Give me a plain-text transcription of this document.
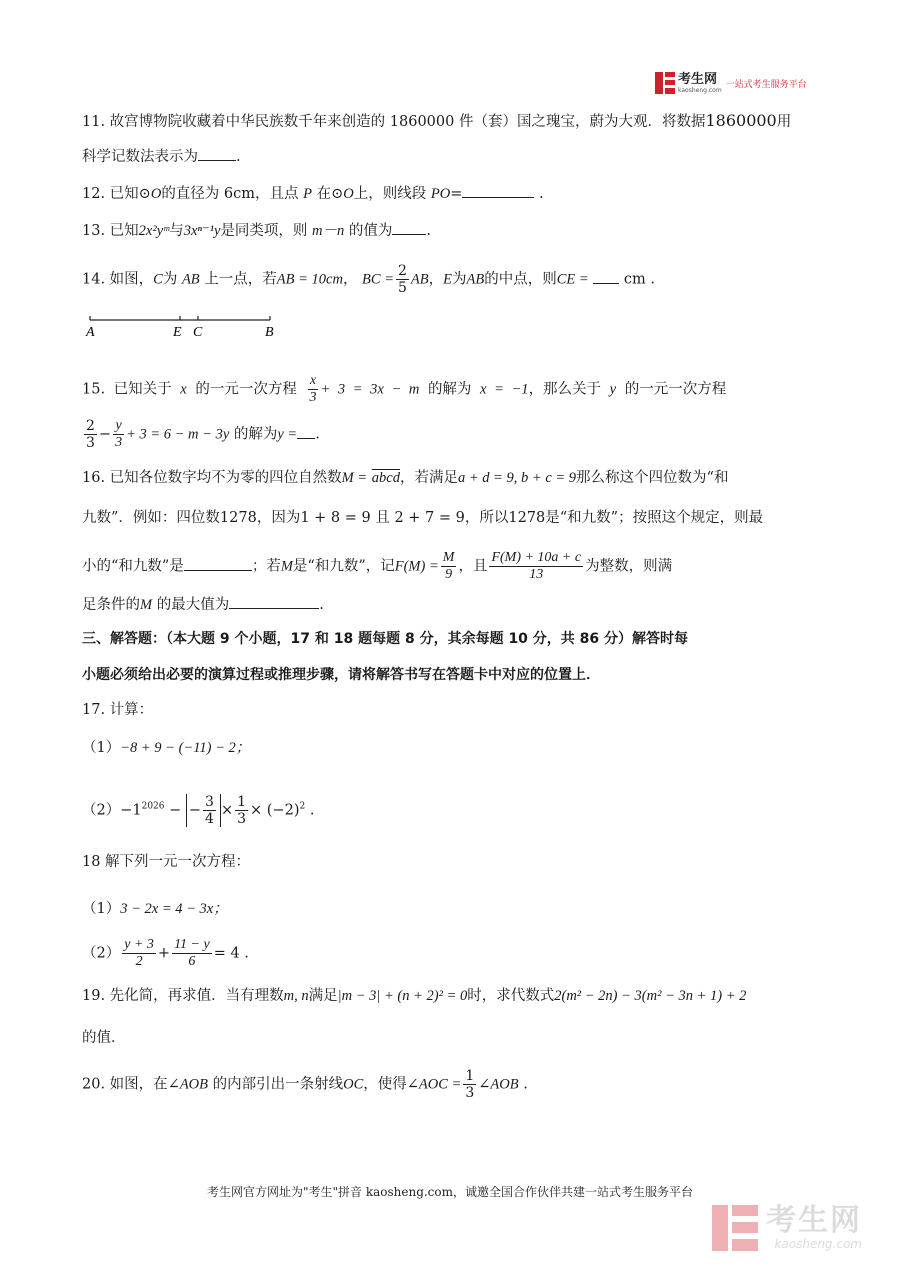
考生网
kaosheng.com
一站式考生服务平台
11. 故宫博物院收藏着中华民族数千年来创造的 1860000 件（套）国之瑰宝，蔚为大观．将数据1860000用
科学记数法表示为	.
12. 已知⊙O的直径为 6cm，且点 P 在⊙O上，则线段 PO=	.
13. 已知2x²yᵐ与3xⁿ⁻¹y是同类项，则 m－n 的值为 .
14. 如图，C为 AB 上一点，若AB = 10cm， BC = $\frac{2}{5}$ AB，E为AB的中点，则CE = cm .
A	E C	B
15. 已知关于 x 的一元一次方程 $\frac{x}{3} + 3 = 3x - m$ 的解为 x = −1，那么关于 y 的一元一次方程
$\frac{2}{3} - \frac{y}{3} + 3 = 6 - m - 3y$ 的解为y = .
16. 已知各位数字均不为零的四位自然数M = abcd，若满足a + d = 9, b + c = 9那么称这个四位数为“和
九数”．例如：四位数1278，因为1 + 8 = 9 且 2 + 7 = 9，所以1278是“和九数”；按照这个规定，则最
小的“和九数”是	；若M是“和九数”，记$F(M) = \frac{M}{9}$ ，且 $\frac{F(M) + 10a + c}{13}$ 为整数，则满
足条件的M 的最大值为	.
三、解答题：（本大题 9 个小题，17 和 18 题每题 8 分，其余每题 10 分，共 86 分）解答时每
小题必须给出必要的演算过程或推理步骤，请将解答书写在答题卡中对应的位置上．
17. 计算：
（1）−8 + 9 − (−11) − 2；
$(2)-1^{2026}$ − − $\frac{3}{4} \times \frac{1}{3} \times (-2)^2$ .
18 解下列一元一次方程：
（1）3 − 2x = 4 − 3x；
$(2) \frac{y + 3}{2} + \frac{11 - y}{6} = 4$ .
19. 先化简，再求值．当有理数m, n满足|m − 3| + (n + 2)² = 0时，求代数式2(m² − 2n) − 3(m² − 3n + 1) + 2
的值．
20. 如图，在∠AOB 的内部引出一条射线OC，使得∠AOC = $\frac{1}{3}$ ∠AOB .
考生网官方网址为"考生"拼音 kaosheng.com，诚邀全国合作伙伴共建一站式考生服务平台
考生网
kaosheng.com
